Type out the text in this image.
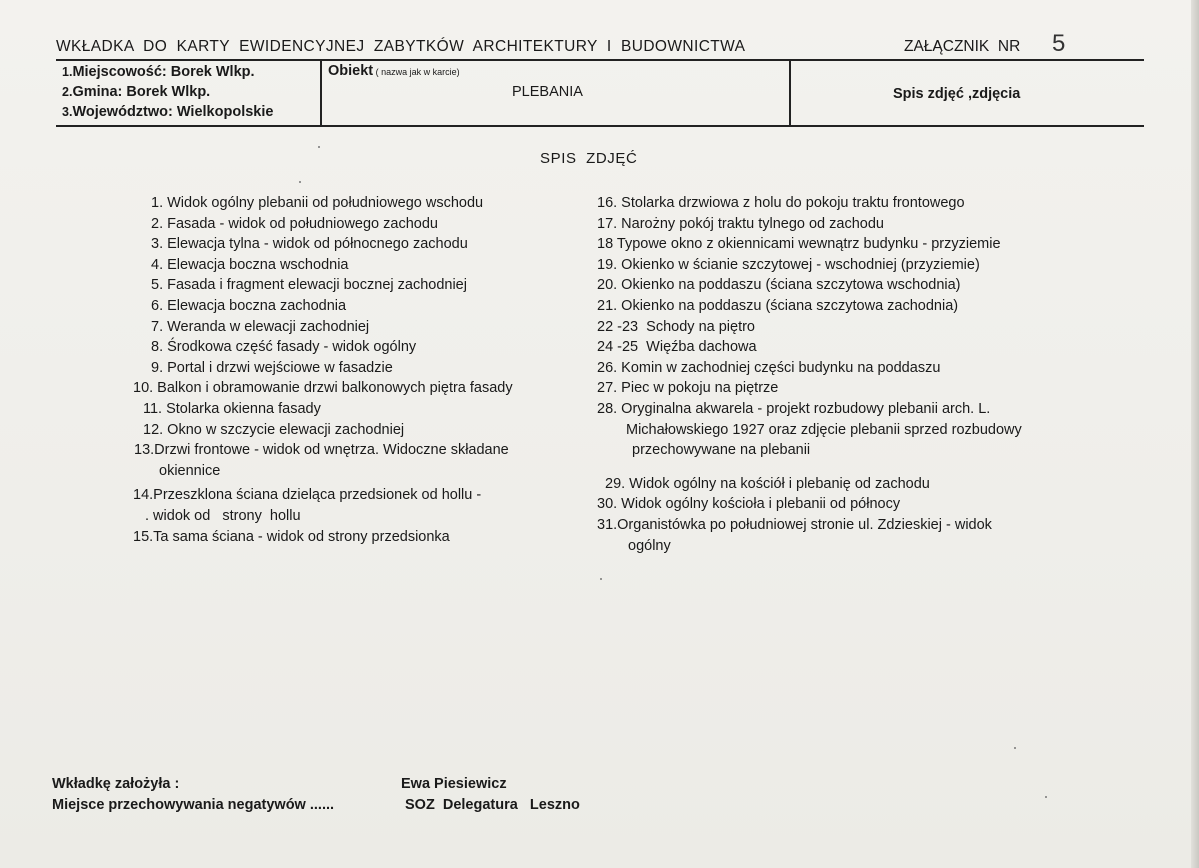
WKŁADKA  DO  KARTY  EWIDENCYJNEJ  ZABYTKÓW  ARCHITEKTURY  I  BUDOWNICTWA	ZAŁĄCZNIK  NR 5
1.Miejscowość: Borek Wlkp.
2.Gmina: Borek Wlkp.
3.Województwo: Wielkopolskie
Obiekt ( nazwa jak w karcie)
PLEBANIA	Spis zdjęć ,zdjęcia
SPIS  ZDJĘĆ
1. Widok ogólny plebanii od południowego wschodu
2. Fasada - widok od południowego zachodu
3. Elewacja tylna - widok od północnego zachodu
4. Elewacja boczna wschodnia
5. Fasada i fragment elewacji bocznej zachodniej
6. Elewacja boczna zachodnia
7. Weranda w elewacji zachodniej
8. Środkowa część fasady - widok ogólny
9. Portal i drzwi wejściowe w fasadzie
10. Balkon i obramowanie drzwi balkonowych piętra fasady
11. Stolarka okienna fasady
12. Okno w szczycie elewacji zachodniej
13.Drzwi frontowe - widok od wnętrza. Widoczne składane
okiennice
14.Przeszklona ściana dzieląca przedsionek od hollu -
. widok od   strony  hollu
15.Ta sama ściana - widok od strony przedsionka
16. Stolarka drzwiowa z holu do pokoju traktu frontowego
17. Narożny pokój traktu tylnego od zachodu
18 Typowe okno z okiennicami wewnątrz budynku - przyziemie
19. Okienko w ścianie szczytowej - wschodniej (przyziemie)
20. Okienko na poddaszu (ściana szczytowa wschodnia)
21. Okienko na poddaszu (ściana szczytowa zachodnia)
22 -23  Schody na piętro
24 -25  Więźba dachowa
26. Komin w zachodniej części budynku na poddaszu
27. Piec w pokoju na piętrze
28. Oryginalna akwarela - projekt rozbudowy plebanii arch. L.
Michałowskiego 1927 oraz zdjęcie plebanii sprzed rozbudowy
przechowywane na plebanii
29. Widok ogólny na kościół i plebanię od zachodu
30. Widok ogólny kościoła i plebanii od północy
31.Organistówka po południowej stronie ul. Zdzieskiej - widok
ogólny
Wkładkę założyła :	Ewa Piesiewicz
Miejsce przechowywania negatywów ......	SOZ  Delegatura   Leszno
